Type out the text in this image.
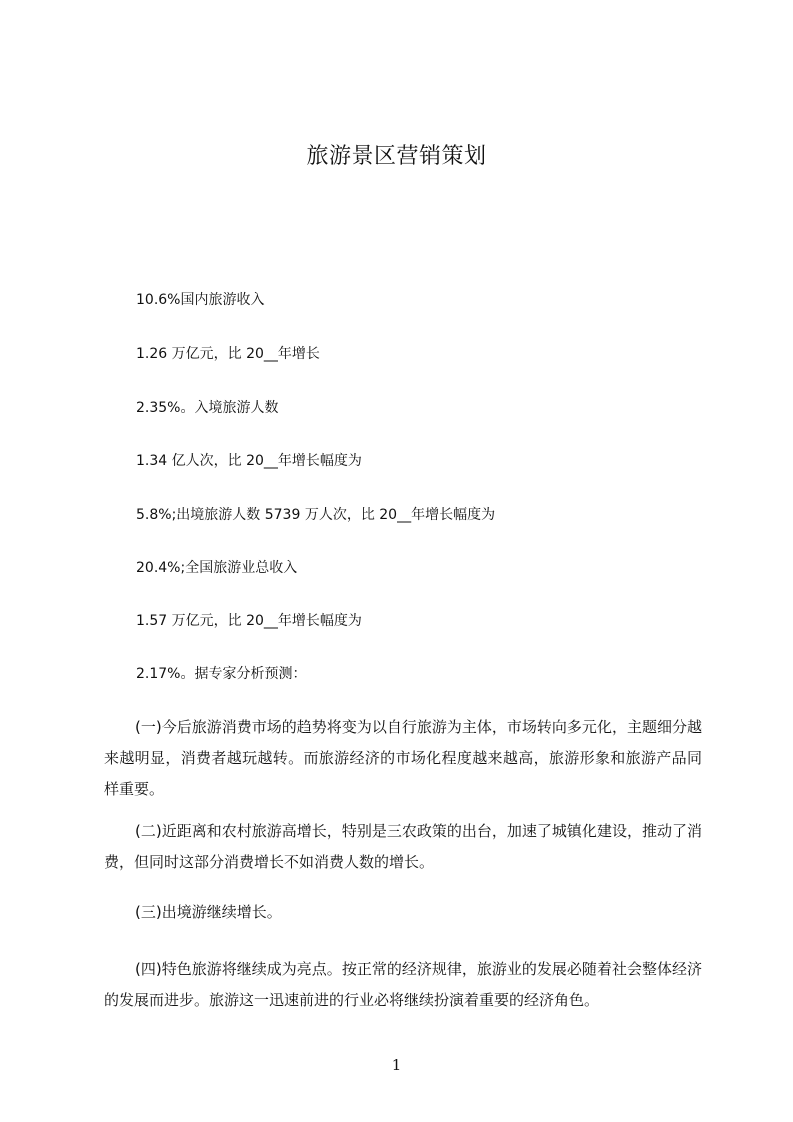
旅游景区营销策划
10.6%国内旅游收入
1.26 万亿元，比 20__年增长
2.35%。入境旅游人数
1.34 亿人次，比 20__年增长幅度为
5.8%;出境旅游人数 5739 万人次，比 20__年增长幅度为
20.4%;全国旅游业总收入
1.57 万亿元，比 20__年增长幅度为
2.17%。据专家分析预测：
(一)今后旅游消费市场的趋势将变为以自行旅游为主体，市场转向多元化，主题细分越来越明显，消费者越玩越转。而旅游经济的市场化程度越来越高，旅游形象和旅游产品同样重要。
(二)近距离和农村旅游高增长，特别是三农政策的出台，加速了城镇化建设，推动了消费，但同时这部分消费增长不如消费人数的增长。
(三)出境游继续增长。
(四)特色旅游将继续成为亮点。按正常的经济规律，旅游业的发展必随着社会整体经济的发展而进步。旅游这一迅速前进的行业必将继续扮演着重要的经济角色。
1
